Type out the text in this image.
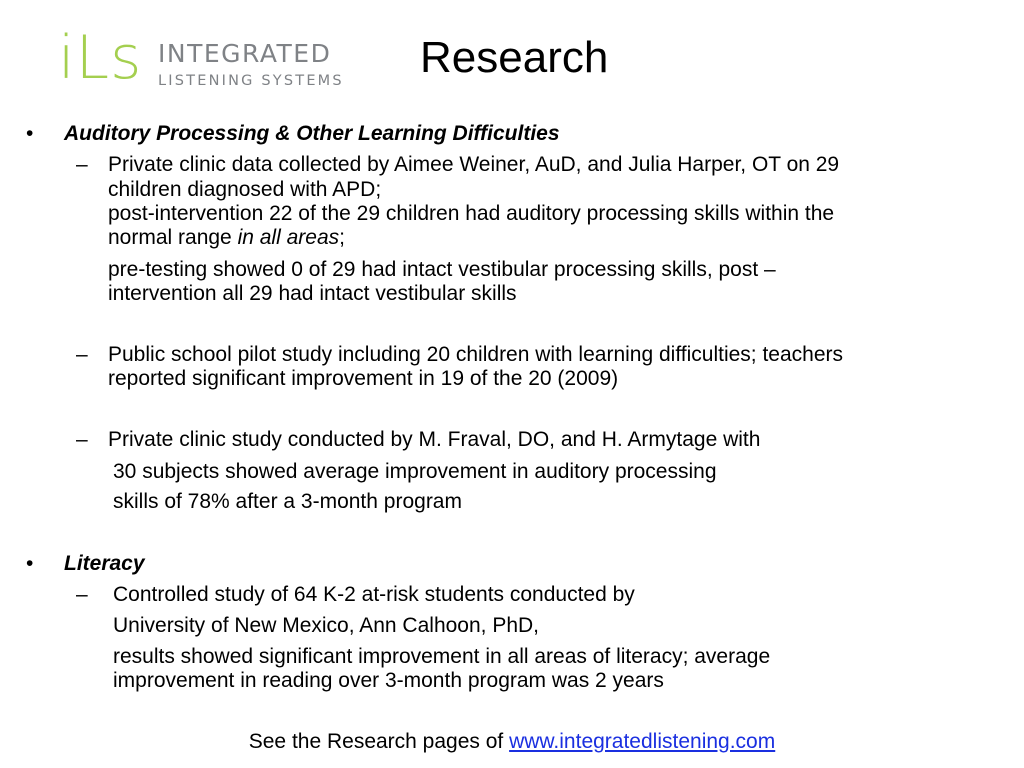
iLs INTEGRATED
LISTENING SYSTEMS Research
• Auditory Processing & Other Learning Difficulties
– Private clinic data collected by Aimee Weiner, AuD, and Julia Harper, OT on 29
children diagnosed with APD;
post-intervention 22 of the 29 children had auditory processing skills within the
normal range in all areas;
pre-testing showed 0 of 29 had intact vestibular processing skills, post –
intervention all 29 had intact vestibular skills
– Public school pilot study including 20 children with learning difficulties; teachers
reported significant improvement in 19 of the 20 (2009)
– Private clinic study conducted by M. Fraval, DO, and H. Armytage with
30 subjects showed average improvement in auditory processing
skills of 78% after a 3-month program
• Literacy
– Controlled study of 64 K-2 at-risk students conducted by
University of New Mexico, Ann Calhoon, PhD,
results showed significant improvement in all areas of literacy; average
improvement in reading over 3-month program was 2 years
See the Research pages of www.integratedlistening.com
